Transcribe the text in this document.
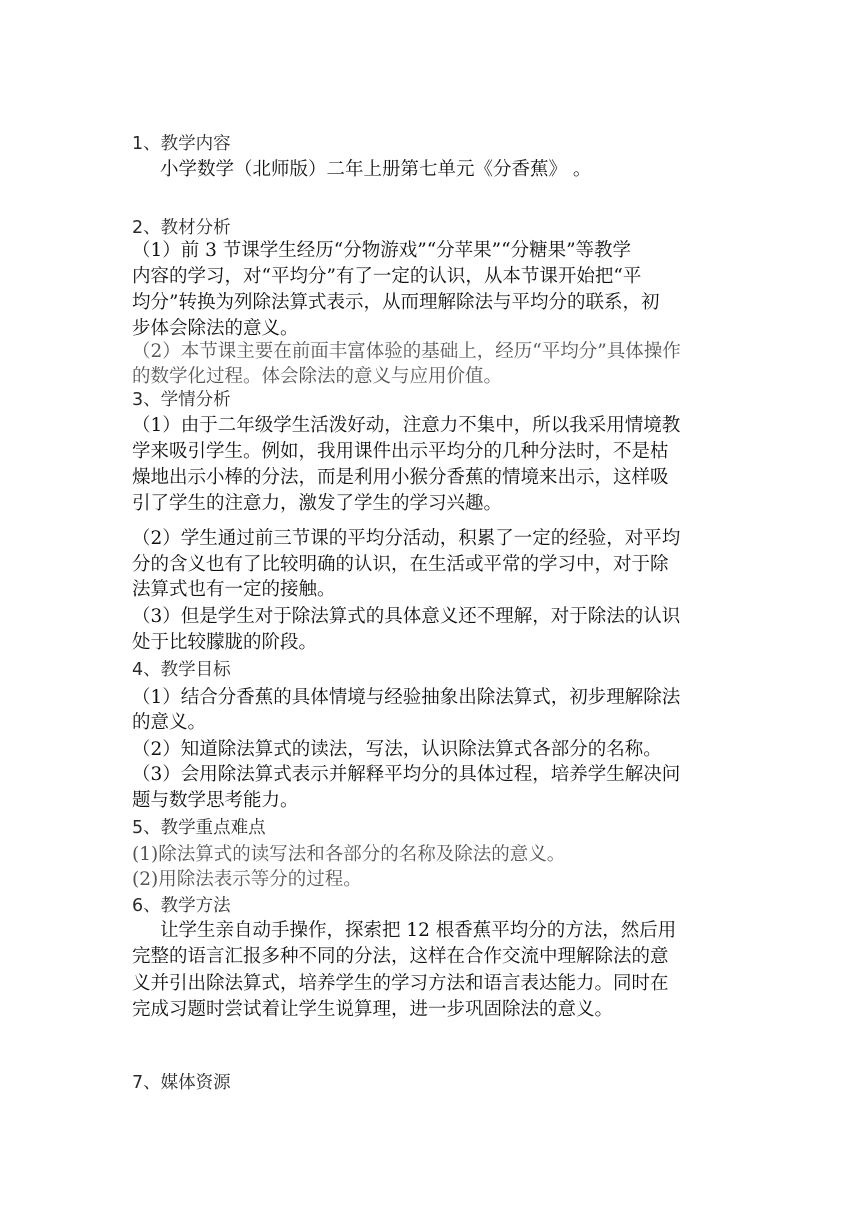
1、教学内容
小学数学（北师版）二年上册第七单元《分香蕉》 。
2、教材分析
（1）前 3 节课学生经历“分物游戏”“分苹果”“分糖果”等教学
内容的学习，对“平均分”有了一定的认识，从本节课开始把“平
均分”转换为列除法算式表示，从而理解除法与平均分的联系，初
步体会除法的意义。
（2）本节课主要在前面丰富体验的基础上，经历“平均分”具体操作
的数学化过程。体会除法的意义与应用价值。
3、学情分析
（1）由于二年级学生活泼好动，注意力不集中，所以我采用情境教
学来吸引学生。例如，我用课件出示平均分的几种分法时，不是枯
燥地出示小棒的分法，而是利用小猴分香蕉的情境来出示，这样吸
引了学生的注意力，激发了学生的学习兴趣。
（2）学生通过前三节课的平均分活动，积累了一定的经验，对平均
分的含义也有了比较明确的认识，在生活或平常的学习中，对于除
法算式也有一定的接触。
（3）但是学生对于除法算式的具体意义还不理解，对于除法的认识
处于比较朦胧的阶段。
4、教学目标
（1）结合分香蕉的具体情境与经验抽象出除法算式，初步理解除法
的意义。
（2）知道除法算式的读法，写法，认识除法算式各部分的名称。
（3）会用除法算式表示并解释平均分的具体过程，培养学生解决问
题与数学思考能力。
5、教学重点难点
(1)除法算式的读写法和各部分的名称及除法的意义。
(2)用除法表示等分的过程。
6、教学方法
让学生亲自动手操作，探索把 12 根香蕉平均分的方法，然后用
完整的语言汇报多种不同的分法，这样在合作交流中理解除法的意
义并引出除法算式，培养学生的学习方法和语言表达能力。同时在
完成习题时尝试着让学生说算理，进一步巩固除法的意义。
7、媒体资源
